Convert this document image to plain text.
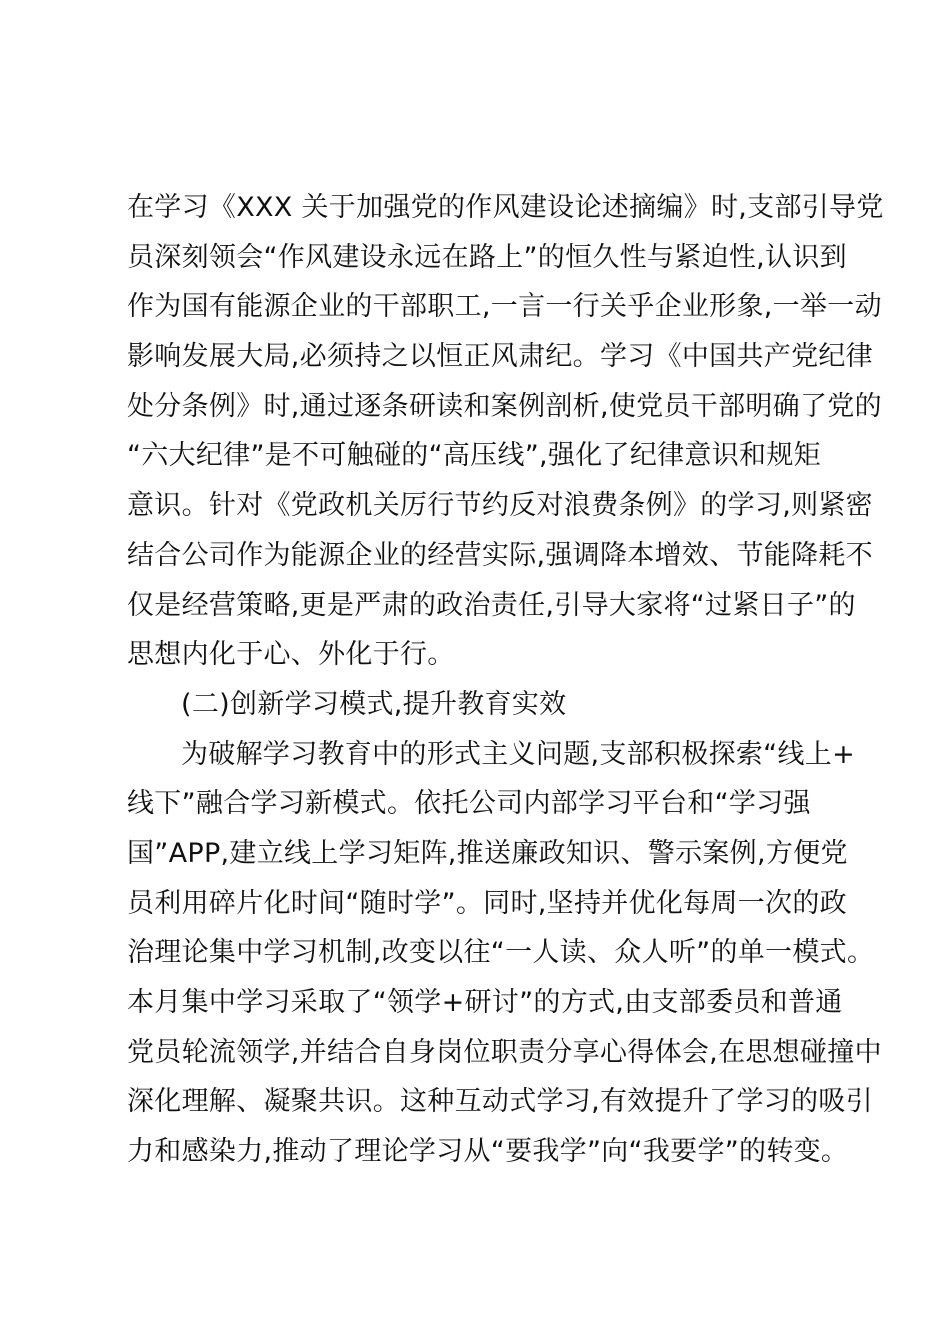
在学习《XXX 关于加强党的作风建设论述摘编》时,支部引导党
员深刻领会“作风建设永远在路上”的恒久性与紧迫性,认识到
作为国有能源企业的干部职工,一言一行关乎企业形象,一举一动
影响发展大局,必须持之以恒正风肃纪。学习《中国共产党纪律
处分条例》时,通过逐条研读和案例剖析,使党员干部明确了党的
“六大纪律”是不可触碰的“高压线”,强化了纪律意识和规矩
意识。针对《党政机关厉行节约反对浪费条例》的学习,则紧密
结合公司作为能源企业的经营实际,强调降本增效、节能降耗不
仅是经营策略,更是严肃的政治责任,引导大家将“过紧日子”的
思想内化于心、外化于行。
(二)创新学习模式,提升教育实效
为破解学习教育中的形式主义问题,支部积极探索“线上+
线下”融合学习新模式。依托公司内部学习平台和“学习强
国”APP,建立线上学习矩阵,推送廉政知识、警示案例,方便党
员利用碎片化时间“随时学”。同时,坚持并优化每周一次的政
治理论集中学习机制,改变以往“一人读、众人听”的单一模式。
本月集中学习采取了“领学+研讨”的方式,由支部委员和普通
党员轮流领学,并结合自身岗位职责分享心得体会,在思想碰撞中
深化理解、凝聚共识。这种互动式学习,有效提升了学习的吸引
力和感染力,推动了理论学习从“要我学”向“我要学”的转变。
